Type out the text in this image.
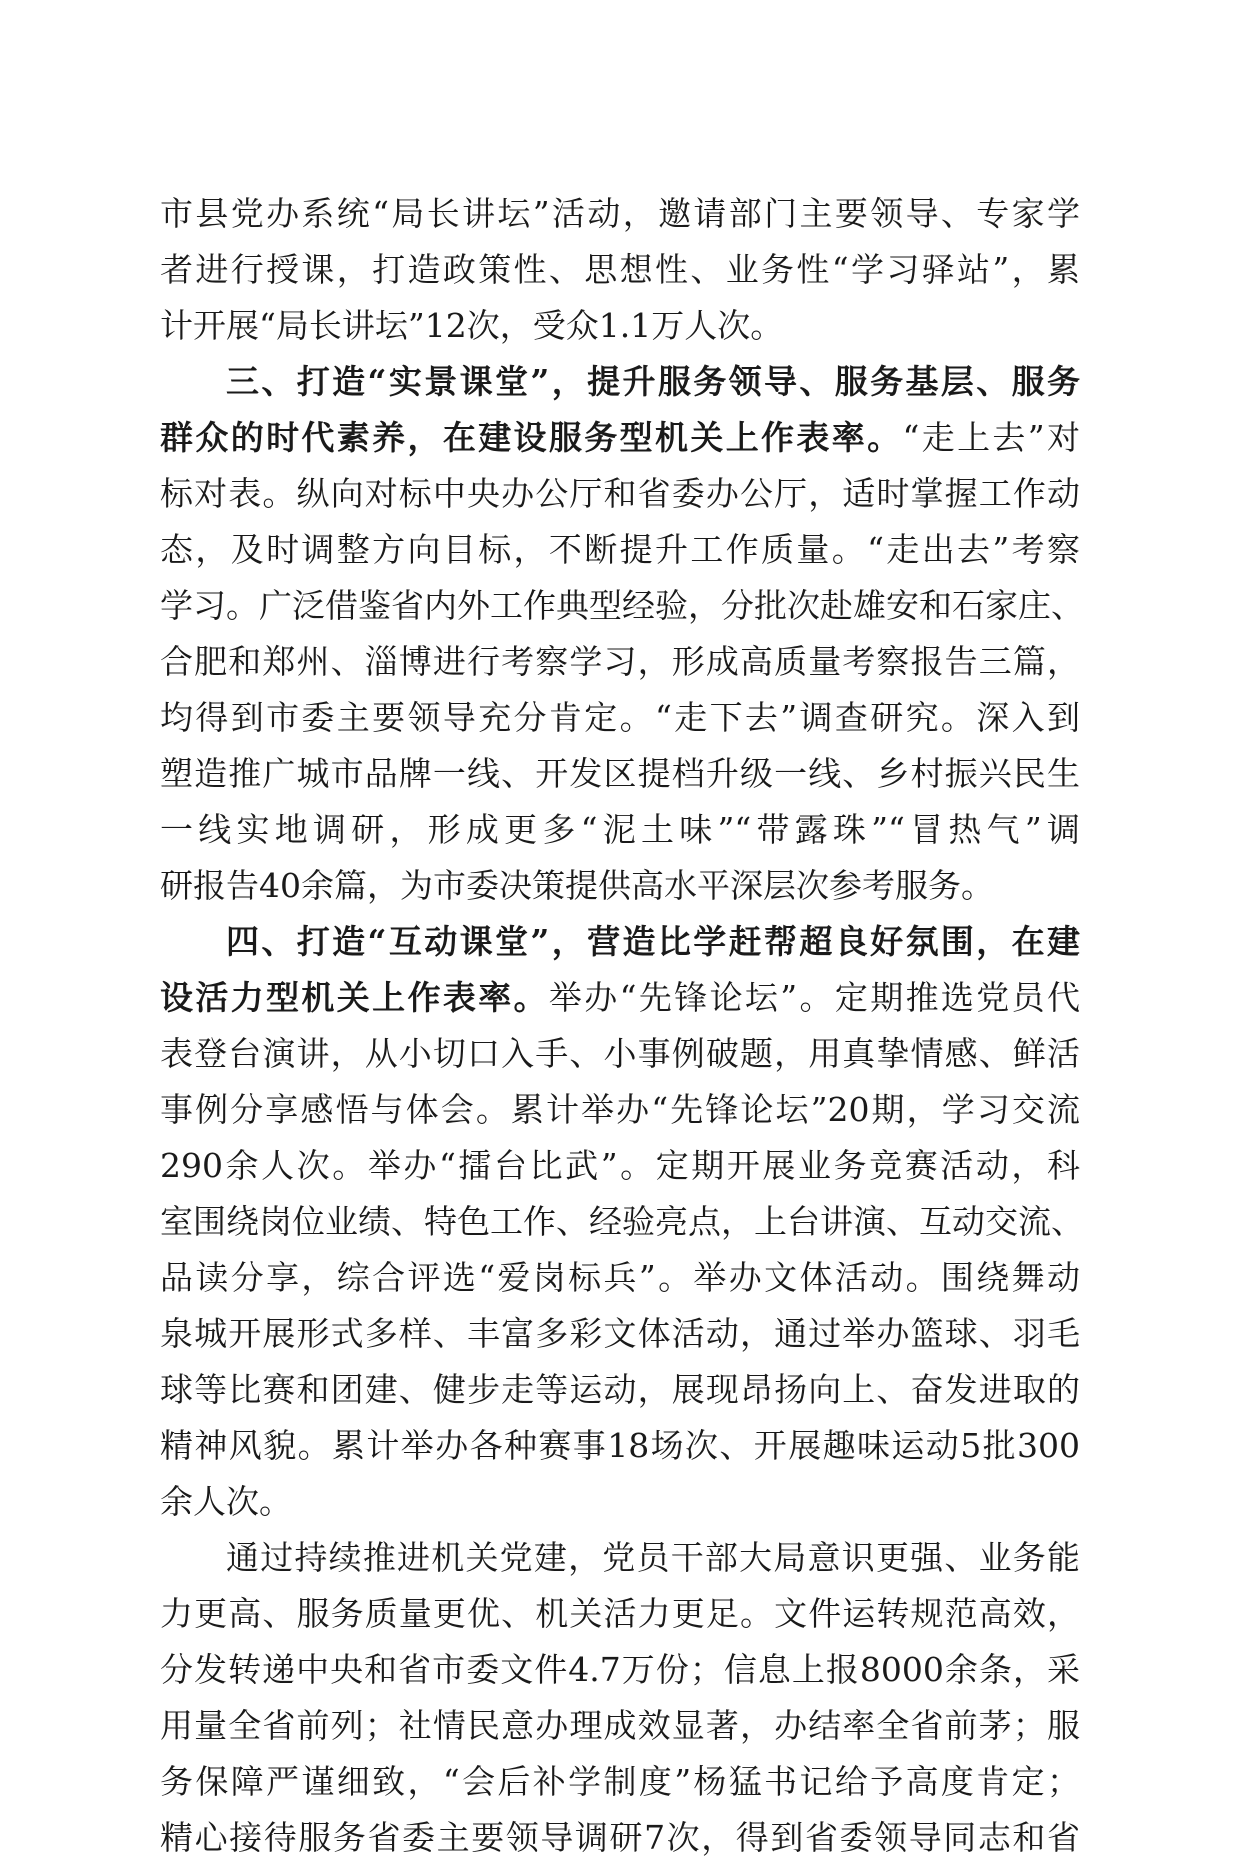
市县党办系统“局长讲坛”活动，邀请部门主要领导、专家学
者进行授课，打造政策性、思想性、业务性“学习驿站”，累
计开展“局长讲坛”12次，受众1.1万人次。
三、打造“实景课堂”，提升服务领导、服务基层、服务
群众的时代素养，在建设服务型机关上作表率。“走上去”对
标对表。纵向对标中央办公厅和省委办公厅，适时掌握工作动
态，及时调整方向目标，不断提升工作质量。“走出去”考察
学习。广泛借鉴省内外工作典型经验，分批次赴雄安和石家庄、
合肥和郑州、淄博进行考察学习，形成高质量考察报告三篇，
均得到市委主要领导充分肯定。“走下去”调查研究。深入到
塑造推广城市品牌一线、开发区提档升级一线、乡村振兴民生
一线实地调研，形成更多“泥土味”“带露珠”“冒热气”调
研报告40余篇，为市委决策提供高水平深层次参考服务。
四、打造“互动课堂”，营造比学赶帮超良好氛围，在建
设活力型机关上作表率。举办“先锋论坛”。定期推选党员代
表登台演讲，从小切口入手、小事例破题，用真挚情感、鲜活
事例分享感悟与体会。累计举办“先锋论坛”20期，学习交流
290余人次。举办“擂台比武”。定期开展业务竞赛活动，科
室围绕岗位业绩、特色工作、经验亮点，上台讲演、互动交流、
品读分享，综合评选“爱岗标兵”。举办文体活动。围绕舞动
泉城开展形式多样、丰富多彩文体活动，通过举办篮球、羽毛
球等比赛和团建、健步走等运动，展现昂扬向上、奋发进取的
精神风貌。累计举办各种赛事18场次、开展趣味运动5批300
余人次。
通过持续推进机关党建，党员干部大局意识更强、业务能
力更高、服务质量更优、机关活力更足。文件运转规范高效，
分发转递中央和省市委文件4.7万份；信息上报8000余条，采
用量全省前列；社情民意办理成效显著，办结率全省前茅；服
务保障严谨细致，“会后补学制度”杨猛书记给予高度肯定；
精心接待服务省委主要领导调研7次，得到省委领导同志和省
